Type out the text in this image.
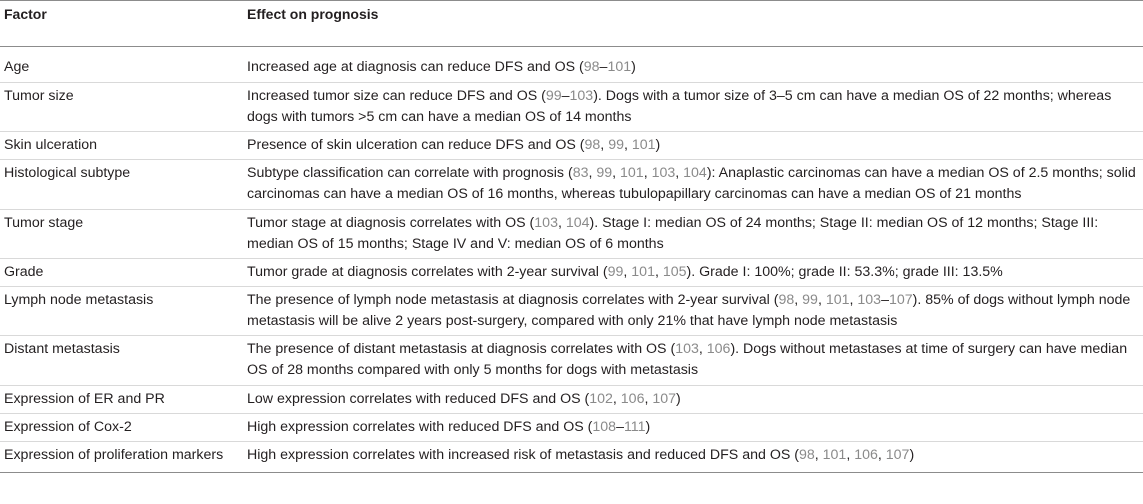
Factor	Effect on prognosis
Age	Increased age at diagnosis can reduce DFS and OS (98–101)
Tumor size	Increased tumor size can reduce DFS and OS (99–103). Dogs with a tumor size of 3–5 cm can have a median OS of 22 months; whereas dogs with tumors >5 cm can have a median OS of 14 months
Skin ulceration	Presence of skin ulceration can reduce DFS and OS (98, 99, 101)
Histological subtype	Subtype classification can correlate with prognosis (83, 99, 101, 103, 104): Anaplastic carcinomas can have a median OS of 2.5 months; solid carcinomas can have a median OS of 16 months, whereas tubulopapillary carcinomas can have a median OS of 21 months
Tumor stage	Tumor stage at diagnosis correlates with OS (103, 104). Stage I: median OS of 24 months; Stage II: median OS of 12 months; Stage III: median OS of 15 months; Stage IV and V: median OS of 6 months
Grade	Tumor grade at diagnosis correlates with 2-year survival (99, 101, 105). Grade I: 100%; grade II: 53.3%; grade III: 13.5%
Lymph node metastasis	The presence of lymph node metastasis at diagnosis correlates with 2-year survival (98, 99, 101, 103–107). 85% of dogs without lymph node metastasis will be alive 2 years post-surgery, compared with only 21% that have lymph node metastasis
Distant metastasis	The presence of distant metastasis at diagnosis correlates with OS (103, 106). Dogs without metastases at time of surgery can have median OS of 28 months compared with only 5 months for dogs with metastasis
Expression of ER and PR	Low expression correlates with reduced DFS and OS (102, 106, 107)
Expression of Cox-2	High expression correlates with reduced DFS and OS (108–111)
Expression of proliferation markers	High expression correlates with increased risk of metastasis and reduced DFS and OS (98, 101, 106, 107)
